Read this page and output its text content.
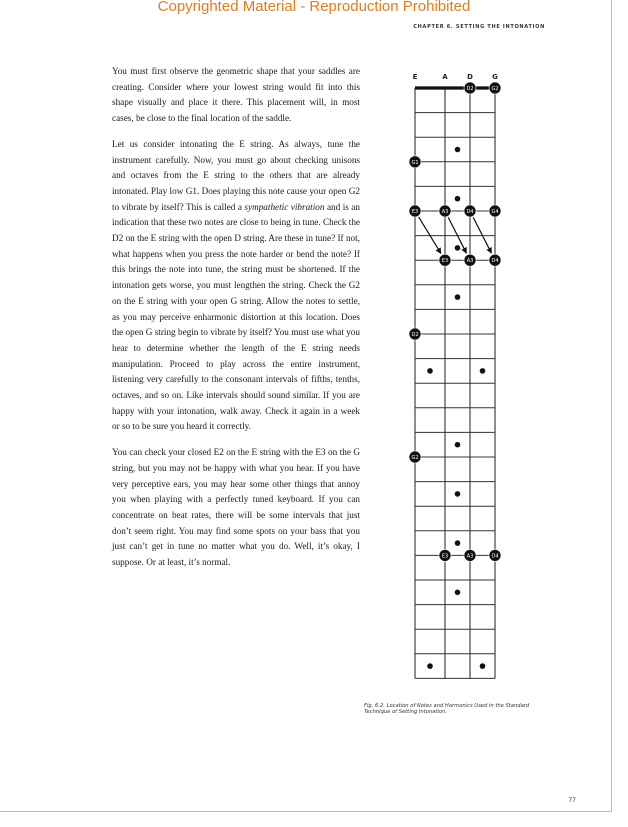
Copyrighted Material - Reproduction Prohibited
CHAPTER 6. SETTING THE INTONATION

You must first observe the geometric shape that your saddles are creating. Consider where your lowest string would fit into this shape visually and place it there. This placement will, in most cases, be close to the final location of the saddle.

Let us consider intonating the E string. As always, tune the instrument carefully. Now, you must go about checking unisons and octaves from the E string to the others that are already intonated. Play low G1. Does playing this note cause your open G2 to vibrate by itself? This is called a sympathetic vibration and is an indication that these two notes are close to being in tune. Check the D2 on the E string with the open D string. Are these in tune? If not, what happens when you press the note harder or bend the note? If this brings the note into tune, the string must be shortened. If the intonation gets worse, you must lengthen the string. Check the G2 on the E string with your open G string. Allow the notes to settle, as you may perceive enharmonic distortion at this location. Does the open G string begin to vibrate by itself? You must use what you hear to determine whether the length of the E string needs manipulation. Proceed to play across the entire instrument, listening very carefully to the consonant intervals of fifths, tenths, octaves, and so on. Like intervals should sound similar. If you are happy with your intonation, walk away. Check it again in a week or so to be sure you heard it correctly.

You can check your closed E2 on the E string with the E3 on the G string, but you may not be happy with what you hear. If you have very perceptive ears, you may hear some other things that annoy you when playing with a perfectly tuned keyboard. If you can concentrate on beat rates, there will be some intervals that just don’t seem right. You may find some spots on your bass that you just can’t get in tune no matter what you do. Well, it’s okay, I suppose. Or at least, it’s normal.

E	A	D	G
D2	G2
G1
E3	A3	D4	G4
E3	A3	D4
D2
G2
E3	A3	D4
Fig. 6.2. Location of Notes and Harmonics Used in the Standard Technique of Setting Intonation.
77
